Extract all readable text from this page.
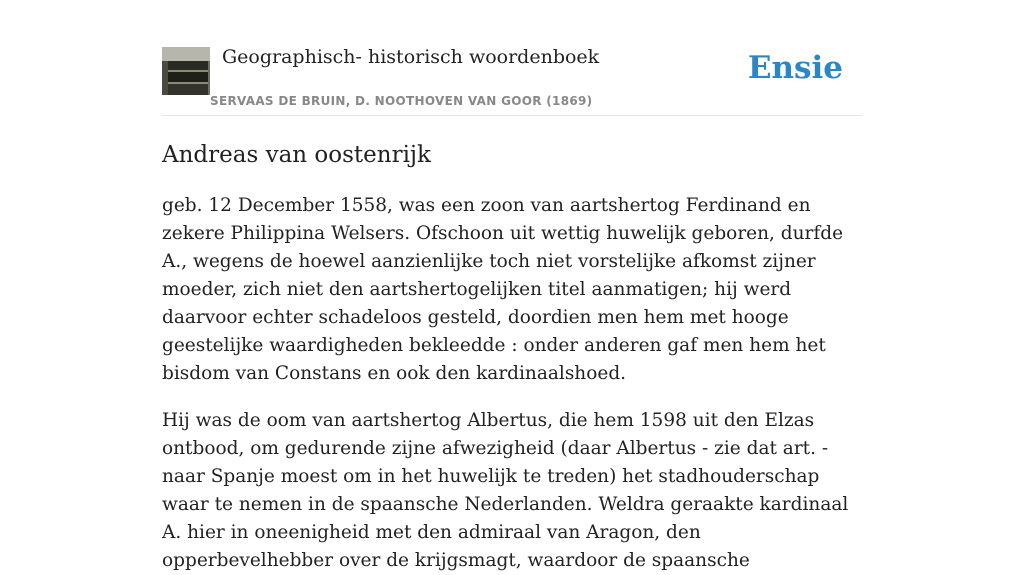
Geographisch- historisch woordenboek
SERVAAS DE BRUIN, D. NOOTHOVEN VAN GOOR (1869)
Ensie
Andreas van oostenrijk

geb. 12 December 1558, was een zoon van aartshertog Ferdinand en zekere Philippina Welsers. Ofschoon uit wettig huwelijk geboren, durfde A., wegens de hoewel aanzienlijke toch niet vorstelijke afkomst zijner moeder, zich niet den aartshertogelijken titel aanmatigen; hij werd daarvoor echter schadeloos gesteld, doordien men hem met hooge geestelijke waardigheden bekleedde : onder anderen gaf men hem het bisdom van Constans en ook den kardinaalshoed.

Hij was de oom van aartshertog Albertus, die hem 1598 uit den Elzas ontbood, om gedurende zijne afwezigheid (daar Albertus - zie dat art. - naar Spanje moest om in het huwelijk te treden) het stadhouderschap waar te nemen in de spaansche Nederlanden. Weldra geraakte kardinaal A. hier in oneenigheid met den admiraal van Aragon, den opperbevelhebber over de krijgsmagt, waardoor de spaansche
